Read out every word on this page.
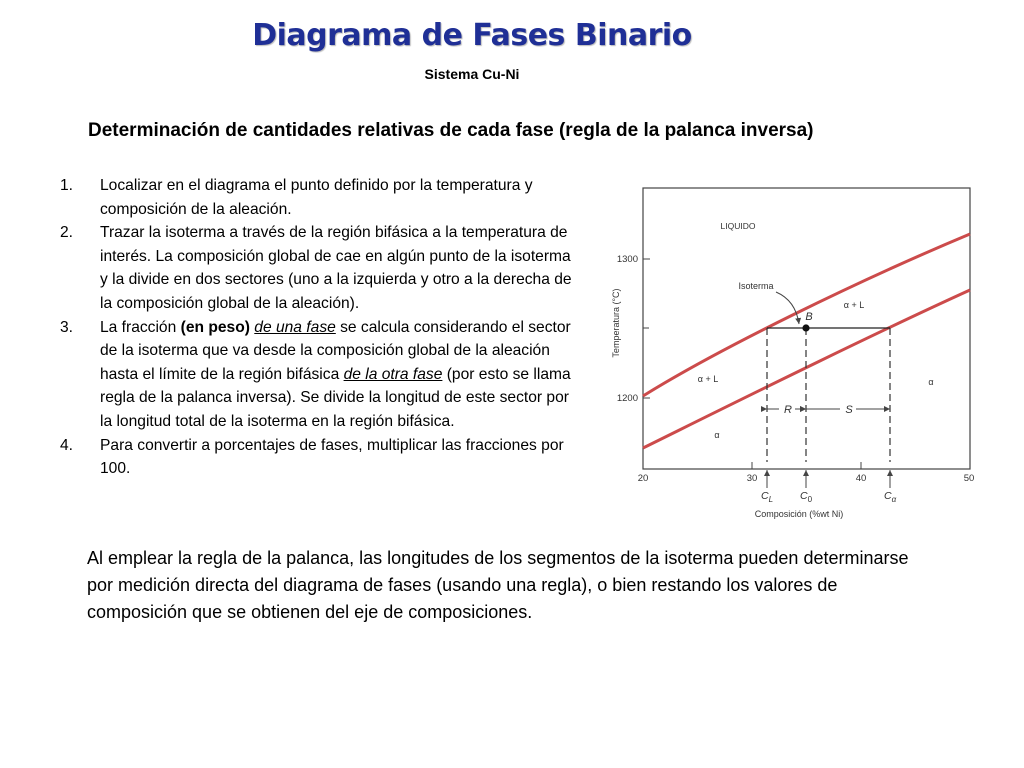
Diagrama de Fases Binario
Sistema Cu-Ni
Determinación de cantidades relativas de cada fase (regla de la palanca inversa)
1. Localizar en el diagrama el punto definido por la temperatura y composición de la aleación.
2. Trazar la isoterma a través de la región bifásica a la temperatura de interés. La composición global de cae en algún punto de la isoterma y la divide en dos sectores (uno a la izquierda y otro a la derecha de la composición global de la aleación).
3. La fracción (en peso) de una fase se calcula considerando el sector de la isoterma que va desde la composición global de la aleación hasta el límite de la región bifásica de la otra fase (por esto se llama regla de la palanca inversa). Se divide la longitud de este sector por la longitud total de la isoterma en la región bifásica.
4. Para convertir a porcentajes de fases, multiplicar las fracciones por 100.
Al emplear la regla de la palanca, las longitudes de los segmentos de la isoterma pueden determinarse por medición directa del diagrama de fases (usando una regla), o bien restando los valores de composición que se obtienen del eje de composiciones.
R	S
B
Isoterma
LIQUIDO
α + L
α + L	α
α
1300
1200
20	30	40	50
$C_L$	$C_0$	$C_\alpha$
Composición (%wt Ni)
Temperatura (°C)
